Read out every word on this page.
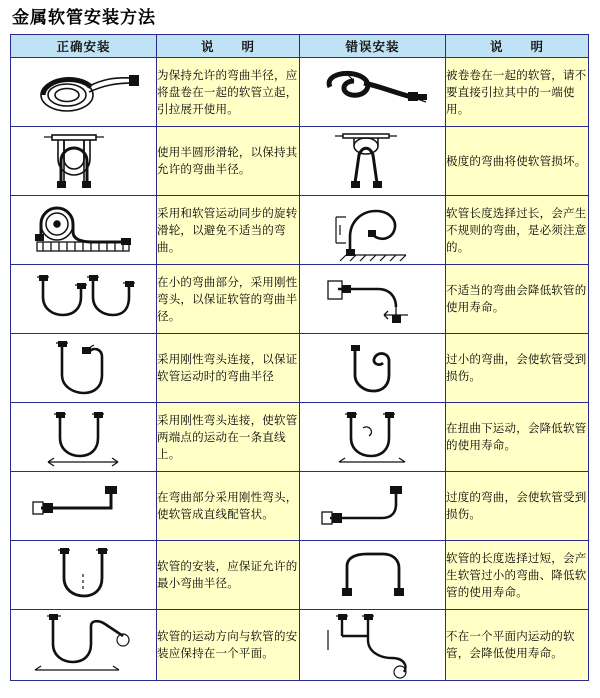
金属软管安装方法
正确安装	说　　明	错误安装	说　　明

	为保持允许的弯曲半径，应将盘卷在一起的软管立起，引拉展开使用。		被卷卷在一起的软管，请不要直接引拉其中的一端使用。

	使用半圆形滑轮，以保持其允许的弯曲半径。		极度的弯曲将使软管损坏。

	采用和软管运动同步的旋转滑轮，以避免不适当的弯曲。		软管长度选择过长，会产生不规则的弯曲，是必须注意的。

	在小的弯曲部分，采用刚性弯头，以保证软管的弯曲半径。		不适当的弯曲会降低软管的使用寿命。

	采用刚性弯头连接，以保证软管运动时的弯曲半径		过小的弯曲，会使软管受到损伤。

	采用刚性弯头连接，使软管两端点的运动在一条直线上。		在扭曲下运动，会降低软管的使用寿命。

	在弯曲部分采用刚性弯头，使软管成直线配管状。		过度的弯曲，会使软管受到损伤。

	软管的安装，应保证允许的最小弯曲半径。		软管的长度选择过短，会产生软管过小的弯曲、降低软管的使用寿命。

	软管的运动方向与软管的安装应保持在一个平面。		不在一个平面内运动的软管，会降低使用寿命。
